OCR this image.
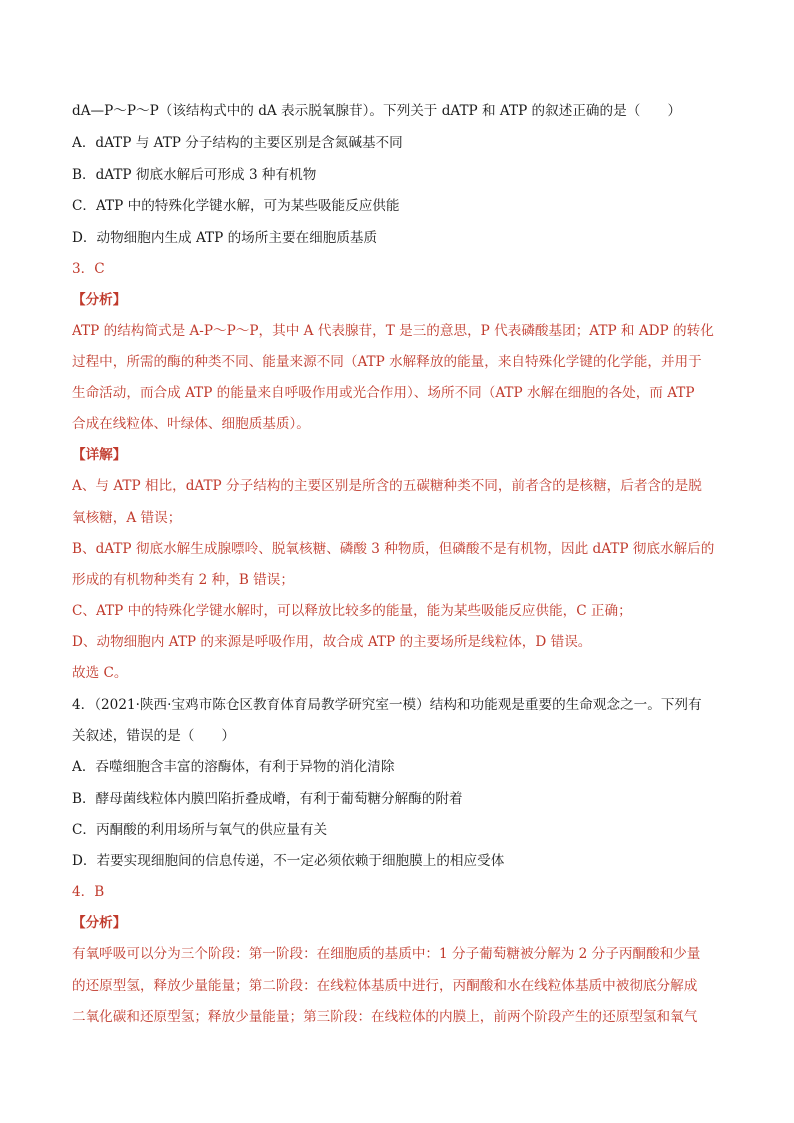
dA—P～P～P（该结构式中的 dA 表示脱氧腺苷）。下列关于 dATP 和 ATP 的叙述正确的是（　　）
A．dATP 与 ATP 分子结构的主要区别是含氮碱基不同
B．dATP 彻底水解后可形成 3 种有机物
C．ATP 中的特殊化学键水解，可为某些吸能反应供能
D．动物细胞内生成 ATP 的场所主要在细胞质基质
3．C
【分析】
ATP 的结构简式是 A-P～P～P，其中 A 代表腺苷，T 是三的意思，P 代表磷酸基团；ATP 和 ADP 的转化
过程中，所需的酶的种类不同、能量来源不同（ATP 水解释放的能量，来自特殊化学键的化学能，并用于
生命活动，而合成 ATP 的能量来自呼吸作用或光合作用）、场所不同（ATP 水解在细胞的各处，而 ATP
合成在线粒体、叶绿体、细胞质基质）。
【详解】
A、与 ATP 相比，dATP 分子结构的主要区别是所含的五碳糖种类不同，前者含的是核糖，后者含的是脱
氧核糖，A 错误；
B、dATP 彻底水解生成腺嘌呤、脱氧核糖、磷酸 3 种物质，但磷酸不是有机物，因此 dATP 彻底水解后的
形成的有机物种类有 2 种，B 错误；
C、ATP 中的特殊化学键水解时，可以释放比较多的能量，能为某些吸能反应供能，C 正确；
D、动物细胞内 ATP 的来源是呼吸作用，故合成 ATP 的主要场所是线粒体，D 错误。
故选 C。
4．（2021·陕西·宝鸡市陈仓区教育体育局教学研究室一模）结构和功能观是重要的生命观念之一。下列有
关叙述，错误的是（　　）
A．吞噬细胞含丰富的溶酶体，有利于异物的消化清除
B．酵母菌线粒体内膜凹陷折叠成嵴，有利于葡萄糖分解酶的附着
C．丙酮酸的利用场所与氧气的供应量有关
D．若要实现细胞间的信息传递，不一定必须依赖于细胞膜上的相应受体
4．B
【分析】
有氧呼吸可以分为三个阶段：第一阶段：在细胞质的基质中：1 分子葡萄糖被分解为 2 分子丙酮酸和少量
的还原型氢，释放少量能量；第二阶段：在线粒体基质中进行，丙酮酸和水在线粒体基质中被彻底分解成
二氧化碳和还原型氢；释放少量能量；第三阶段：在线粒体的内膜上，前两个阶段产生的还原型氢和氧气
